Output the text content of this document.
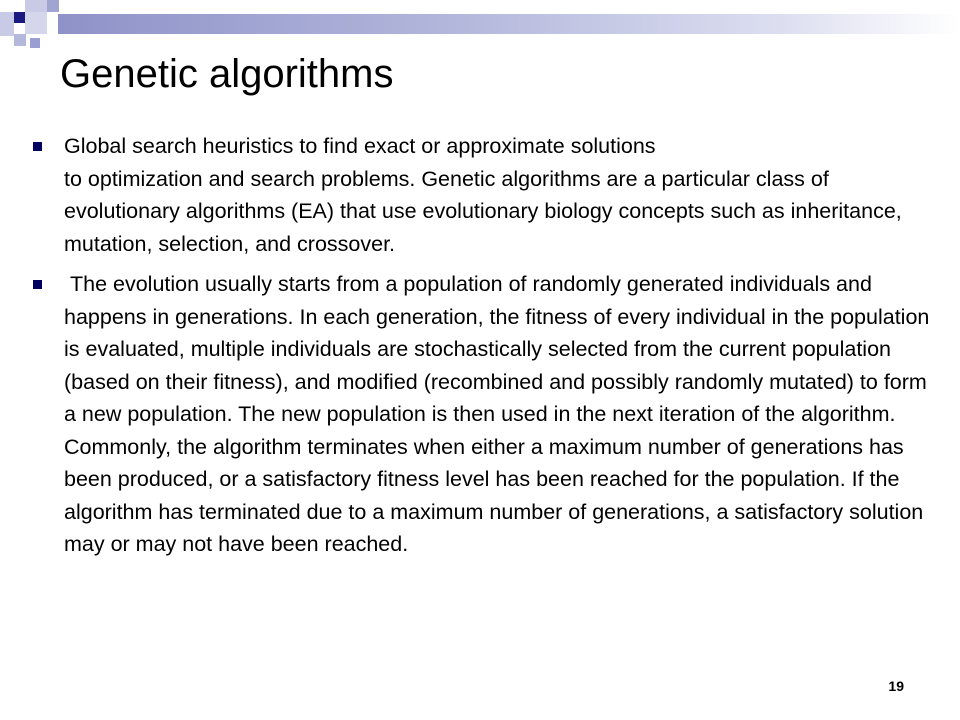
Genetic algorithms
Global search heuristics to find exact or approximate solutions
to optimization and search problems. Genetic algorithms are a particular class of evolutionary algorithms (EA) that use evolutionary biology concepts such as inheritance, mutation, selection, and crossover.
The evolution usually starts from a population of randomly generated individuals and happens in generations. In each generation, the fitness of every individual in the population is evaluated, multiple individuals are stochastically selected from the current population (based on their fitness), and modified (recombined and possibly randomly mutated) to form a new population. The new population is then used in the next iteration of the algorithm. Commonly, the algorithm terminates when either a maximum number of generations has been produced, or a satisfactory fitness level has been reached for the population. If the algorithm has terminated due to a maximum number of generations, a satisfactory solution may or may not have been reached.
19
